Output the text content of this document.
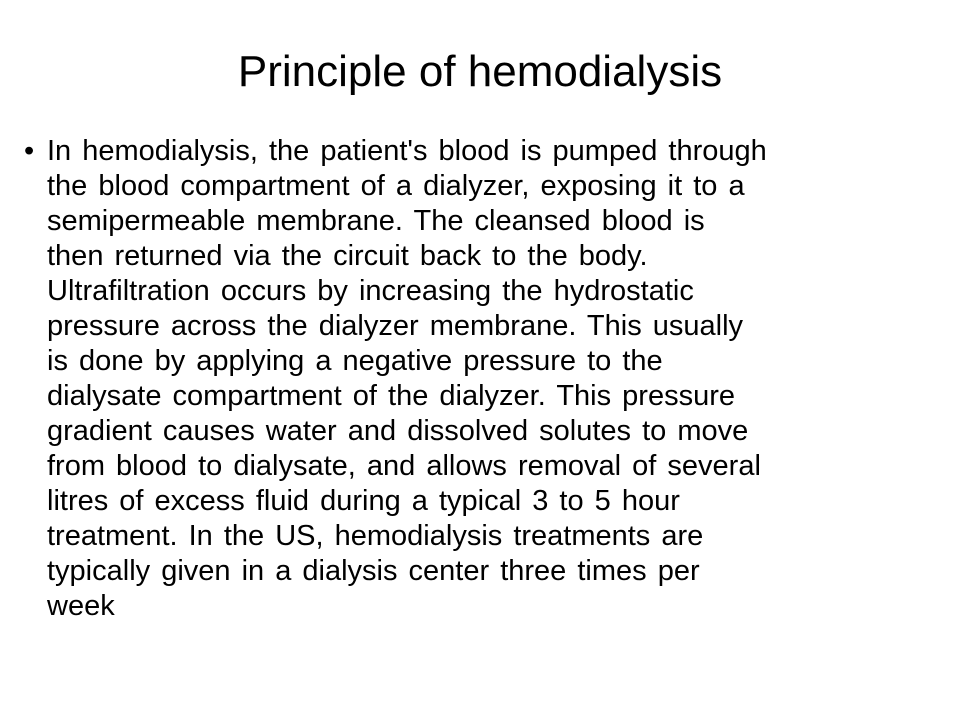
Principle of hemodialysis
• In hemodialysis, the patient's blood is pumped through
the blood compartment of a dialyzer, exposing it to a
semipermeable membrane. The cleansed blood is
then returned via the circuit back to the body.
Ultrafiltration occurs by increasing the hydrostatic
pressure across the dialyzer membrane. This usually
is done by applying a negative pressure to the
dialysate compartment of the dialyzer. This pressure
gradient causes water and dissolved solutes to move
from blood to dialysate, and allows removal of several
litres of excess fluid during a typical 3 to 5 hour
treatment. In the US, hemodialysis treatments are
typically given in a dialysis center three times per
week
